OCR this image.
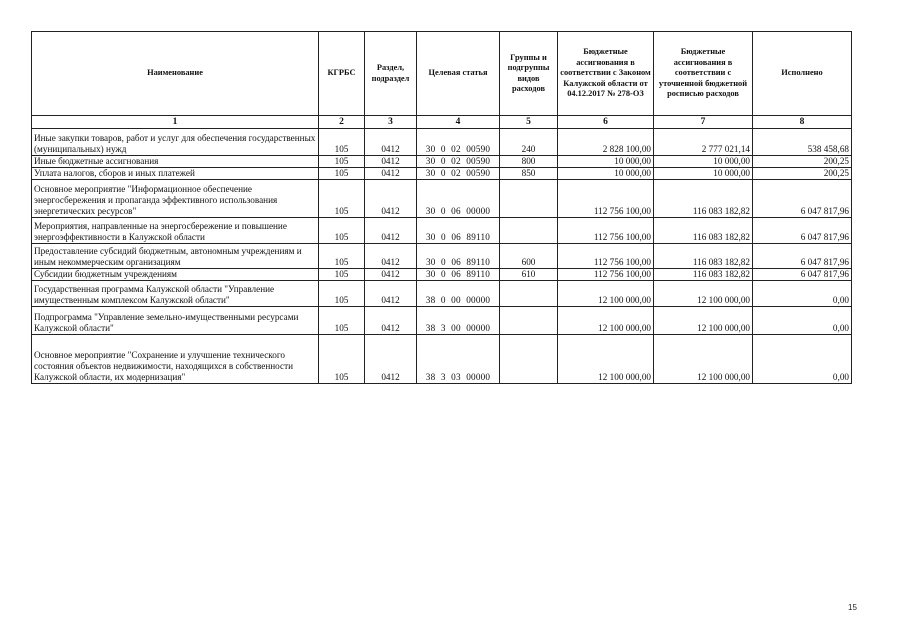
Наименование	КГРБС	Раздел, подраздел	Целевая статья	Группы и подгруппы видов расходов	Бюджетные ассигнования в соответствии с Законом Калужской области от 04.12.2017 № 278-ОЗ	Бюджетные ассигнования в соответствии с уточненной бюджетной росписью расходов	Исполнено
1	2	3	4	5	6	7	8
Иные закупки товаров, работ и услуг для обеспечения государственных (муниципальных) нужд	105	0412	30 0 02 00590	240	2 828 100,00	2 777 021,14	538 458,68
Иные бюджетные ассигнования	105	0412	30 0 02 00590	800	10 000,00	10 000,00	200,25
Уплата налогов, сборов и иных платежей	105	0412	30 0 02 00590	850	10 000,00	10 000,00	200,25
Основное мероприятие "Информационное обеспечение энергосбережения и пропаганда эффективного использования энергетических ресурсов"	105	0412	30 0 06 00000		112 756 100,00	116 083 182,82	6 047 817,96
Мероприятия, направленные на энергосбережение и повышение энергоэффективности в Калужской области	105	0412	30 0 06 89110		112 756 100,00	116 083 182,82	6 047 817,96
Предоставление субсидий бюджетным, автономным учреждениям и иным некоммерческим организациям	105	0412	30 0 06 89110	600	112 756 100,00	116 083 182,82	6 047 817,96
Субсидии бюджетным учреждениям	105	0412	30 0 06 89110	610	112 756 100,00	116 083 182,82	6 047 817,96
Государственная программа Калужской области "Управление имущественным комплексом Калужской области"	105	0412	38 0 00 00000		12 100 000,00	12 100 000,00	0,00
Подпрограмма "Управление земельно-имущественными ресурсами Калужской области"	105	0412	38 3 00 00000		12 100 000,00	12 100 000,00	0,00
Основное мероприятие "Сохранение и улучшение технического состояния объектов недвижимости, находящихся в собственности Калужской области, их модернизация"	105	0412	38 3 03 00000		12 100 000,00	12 100 000,00	0,00
15
